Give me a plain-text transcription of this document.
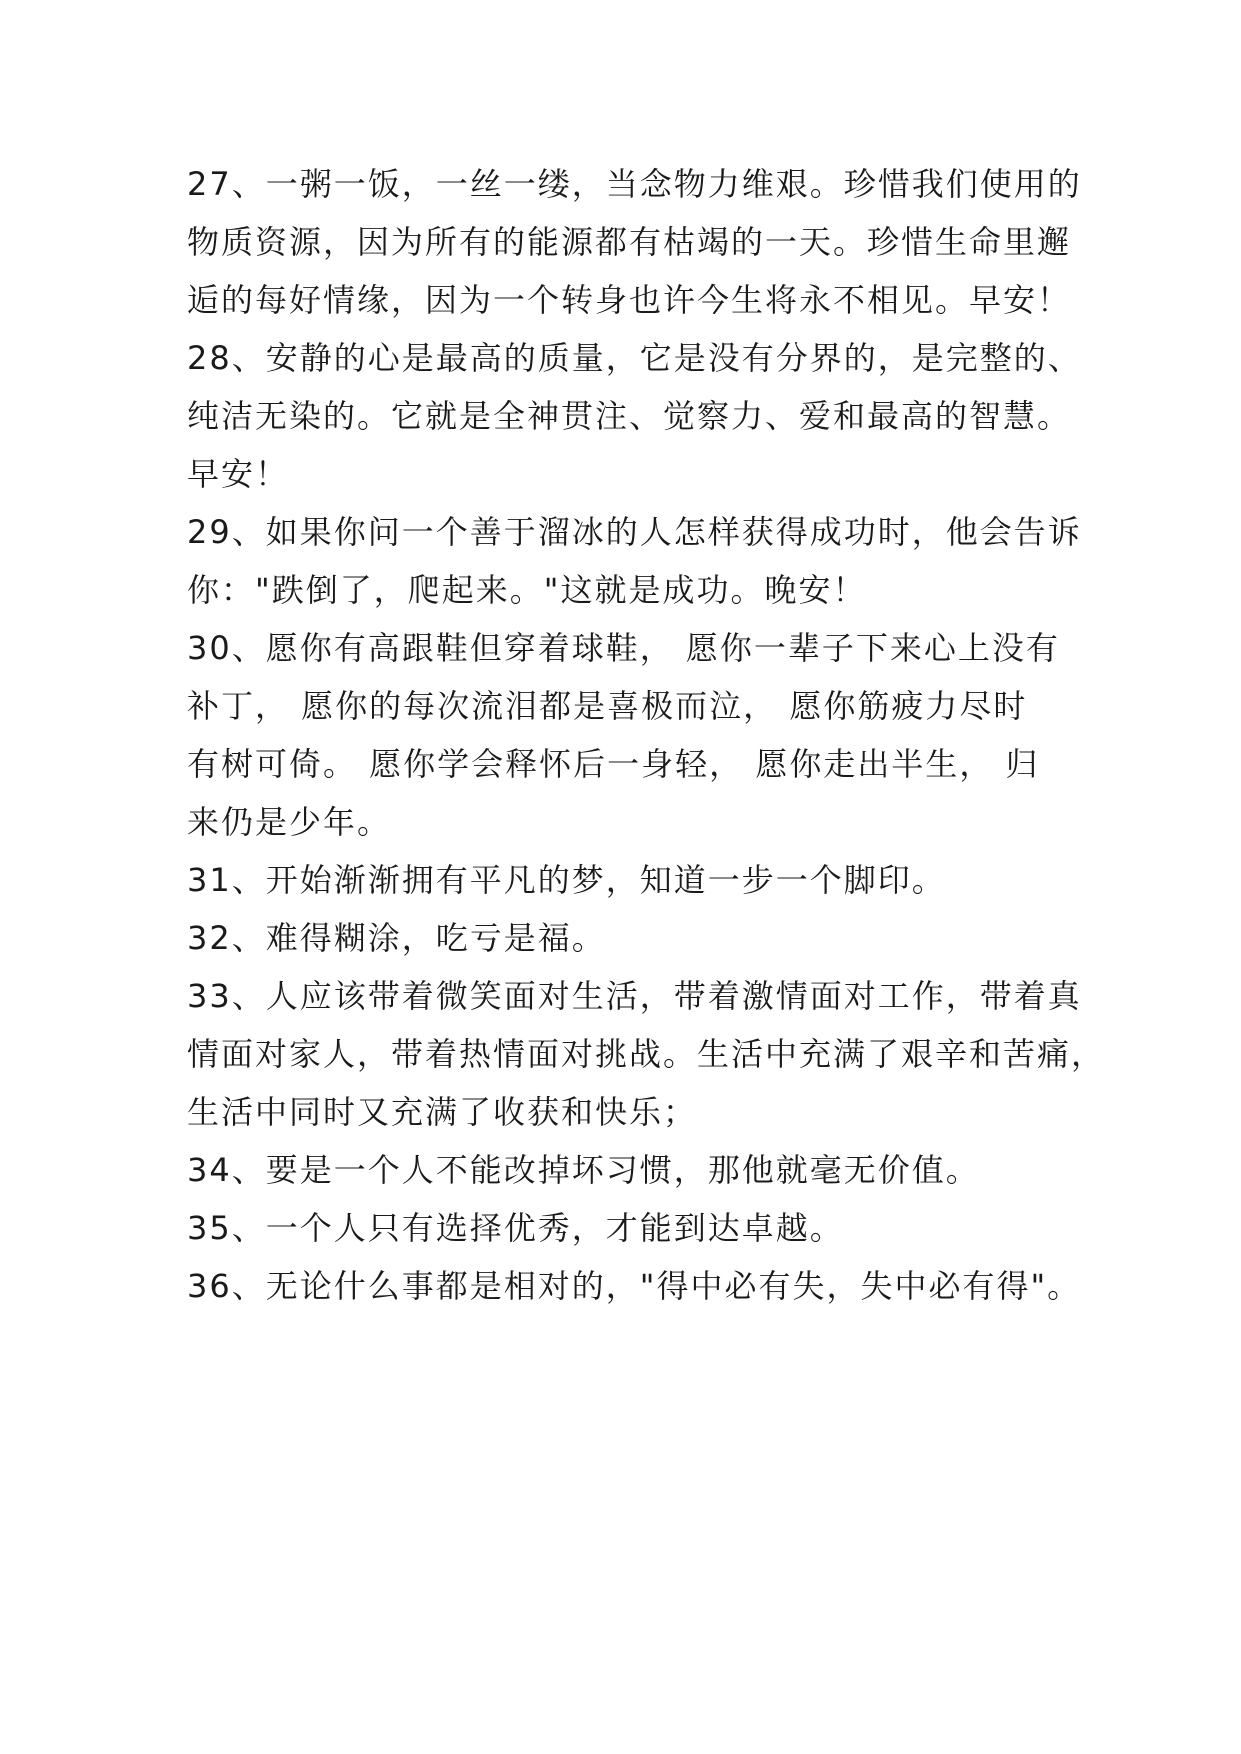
27、一粥一饭，一丝一缕，当念物力维艰。珍惜我们使用的
物质资源，因为所有的能源都有枯竭的一天。珍惜生命里邂
逅的每好情缘，因为一个转身也许今生将永不相见。早安！
28、安静的心是最高的质量，它是没有分界的，是完整的、
纯洁无染的。它就是全神贯注、觉察力、爱和最高的智慧。
早安！
29、如果你问一个善于溜冰的人怎样获得成功时，他会告诉
你："跌倒了，爬起来。"这就是成功。晚安！
30、愿你有高跟鞋但穿着球鞋， 愿你一辈子下来心上没有
补丁， 愿你的每次流泪都是喜极而泣， 愿你筋疲力尽时
有树可倚。 愿你学会释怀后一身轻， 愿你走出半生， 归
来仍是少年。
31、开始渐渐拥有平凡的梦，知道一步一个脚印。
32、难得糊涂，吃亏是福。
33、人应该带着微笑面对生活，带着激情面对工作，带着真
情面对家人，带着热情面对挑战。生活中充满了艰辛和苦痛，
生活中同时又充满了收获和快乐；
34、要是一个人不能改掉坏习惯，那他就毫无价值。
35、一个人只有选择优秀，才能到达卓越。
36、无论什么事都是相对的，"得中必有失，失中必有得"。
